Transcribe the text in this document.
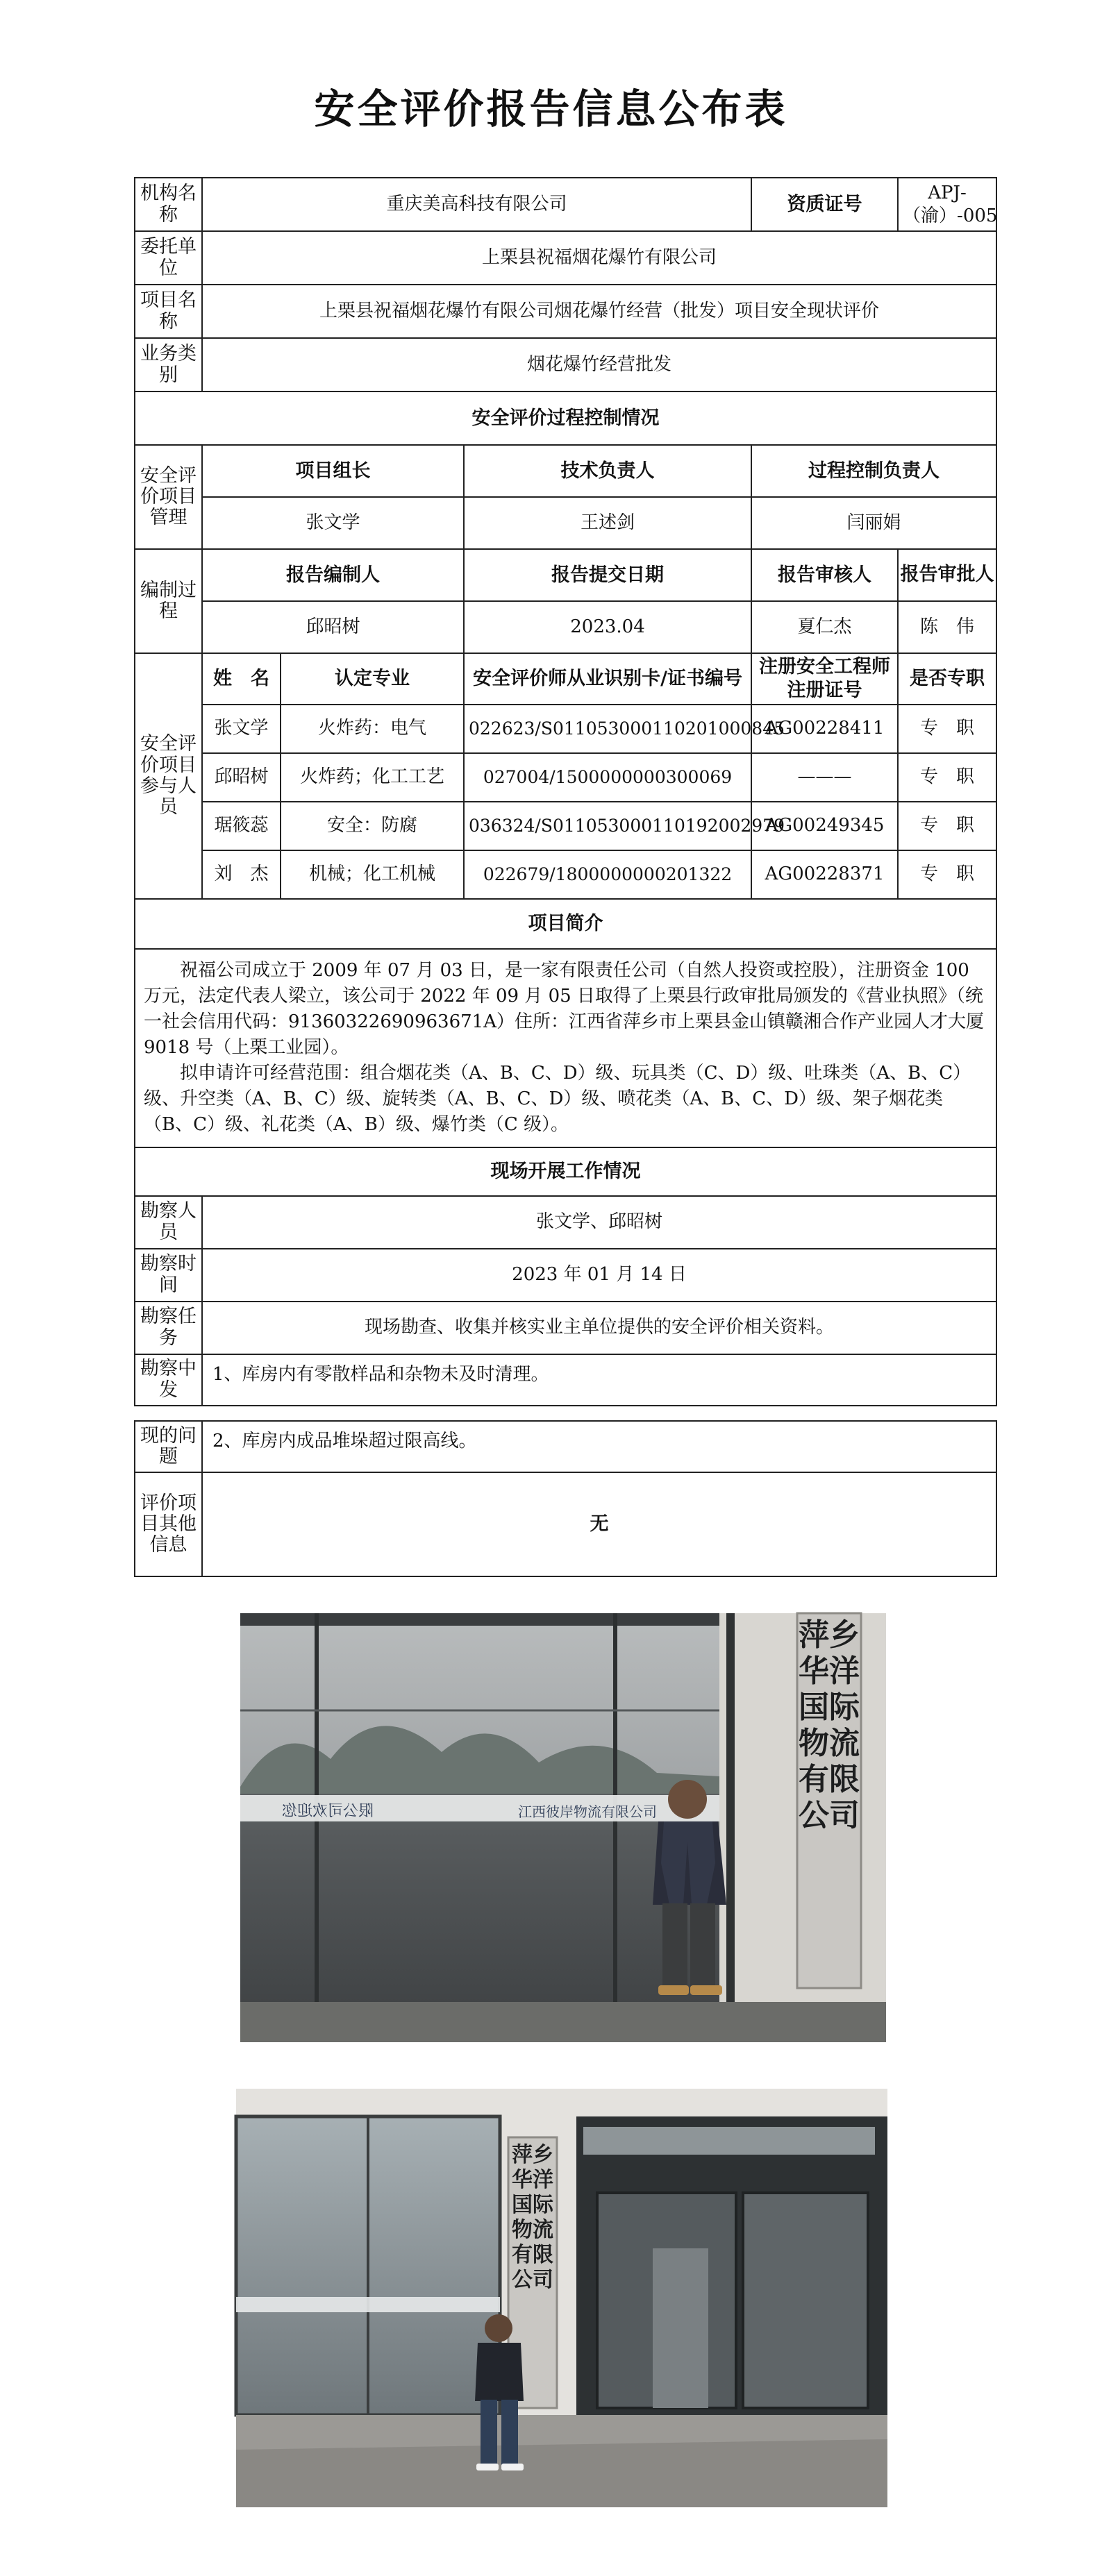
安全评价报告信息公布表
机构名称	重庆美高科技有限公司			资质证号	APJ-（渝）-005
委托单位	上栗县祝福烟花爆竹有限公司				
项目名称	上栗县祝福烟花爆竹有限公司烟花爆竹经营（批发）项目安全现状评价				
业务类别	烟花爆竹经营批发				
安全评价过程控制情况					
安全评价项目管理	项目组长		技术负责人	过程控制负责人	
	张文学		王述剑	闫丽娟	
编制过程	报告编制人		报告提交日期	报告审核人	报告审批人
	邱昭树		2023.04	夏仁杰	陈　伟
安全评价项目参与人员	姓　名	认定专业	安全评价师从业识别卡/证书编号	注册安全工程师注册证号	是否专职
	张文学	火炸药：电气	022623/S011053000110201000845	AG00228411	专　职
	邱昭树	火炸药；化工工艺	027004/1500000000300069	———	专　职
	琚筱蕊	安全：防腐	036324/S011053000110192002979	AG00249345	专　职
	刘　杰	机械；化工机械	022679/1800000000201322	AG00228371	专　职
项目简介					

祝福公司成立于 2009 年 07 月 03 日，是一家有限责任公司（自然人投资或控股），注册资金 100 万元，法定代表人梁立，该公司于 2022 年 09 月 05 日取得了上栗县行政审批局颁发的《营业执照》（统一社会信用代码：91360322690963671A）住所：江西省萍乡市上栗县金山镇赣湘合作产业园人才大厦 9018 号（上栗工业园）。

拟申请许可经营范围：组合烟花类（A、B、C、D）级、玩具类（C、D）级、吐珠类（A、B、C）级、升空类（A、B、C）级、旋转类（A、B、C、D）级、喷花类（A、B、C、D）级、架子烟花类（B、C）级、礼花类（A、B）级、爆竹类（C 级）。					

现场开展工作情况					
勘察人员	张文学、邱昭树				
勘察时间	2023 年 01 月 14 日				
勘察任务	现场勘查、收集并核实业主单位提供的安全评价相关资料。				
勘察中发	1、库房内有零散样品和杂物未及时清理。				
现的问题	2、库房内成品堆垛超过限高线。
评价项目其他信息	无
限公司欢迎您	江西彼岸物流有限公司
萍乡华洋国际物流有限公司
萍乡华洋国际物流有限公司
